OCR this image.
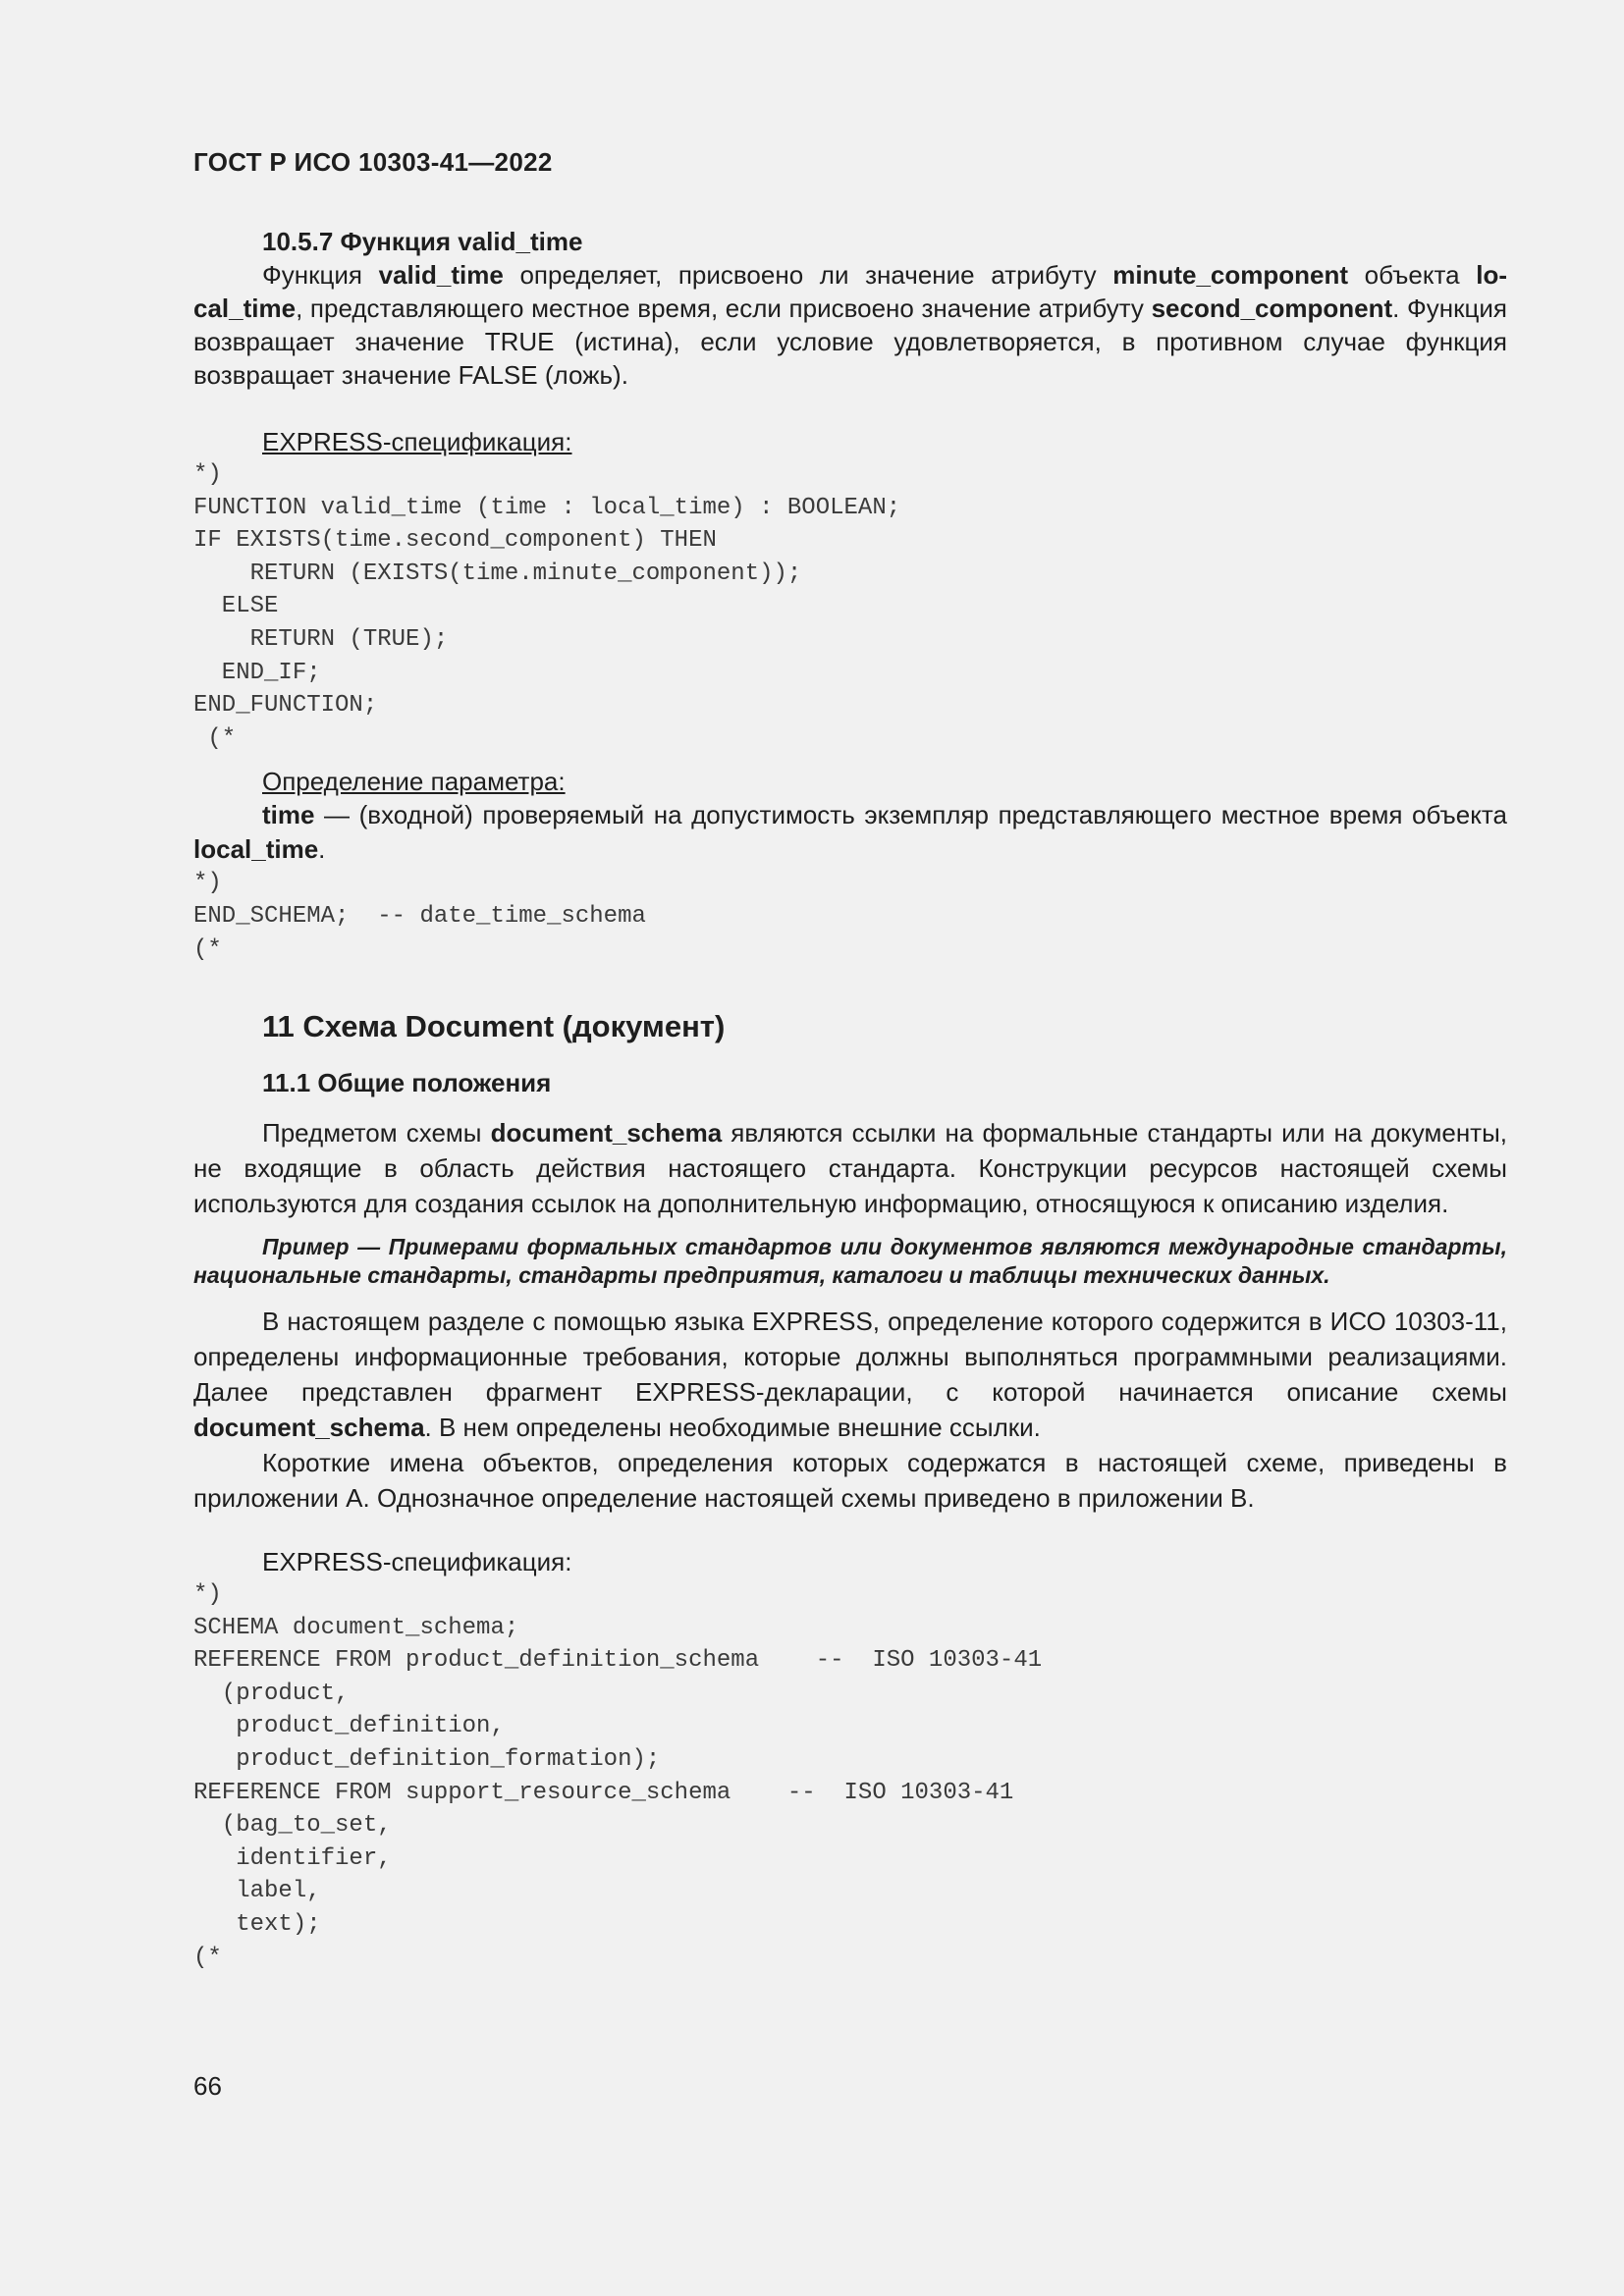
ГОСТ Р ИСО 10303-41—2022
10.5.7 Функция valid_time

Функция valid_time определяет, присвоено ли значение атрибуту minute_component объекта local_time, представляющего местное время, если присвоено значение атрибуту second_component. Функция возвращает значение TRUE (истина), если условие удовлетворяется, в противном случае функция возвращает значение FALSE (ложь).

EXPRESS-спецификация:
*)
FUNCTION valid_time (time : local_time) : BOOLEAN;
IF EXISTS(time.second_component) THEN
RETURN (EXISTS(time.minute_component));
ELSE
RETURN (TRUE);
END_IF;
END_FUNCTION;
(*
Определение параметра:

time — (входной) проверяемый на допустимость экземпляр представляющего местное время объекта local_time.

*)
END_SCHEMA;  -- date_time_schema
(*
11 Схема Document (документ)
11.1 Общие положения

Предметом схемы document_schema являются ссылки на формальные стандарты или на документы, не входящие в область действия настоящего стандарта. Конструкции ресурсов настоящей схемы используются для создания ссылок на дополнительную информацию, относящуюся к описанию изделия.

Пример — Примерами формальных стандартов или документов являются международные стандарты, национальные стандарты, стандарты предприятия, каталоги и таблицы технических данных.

В настоящем разделе с помощью языка EXPRESS, определение которого содержится в ИСО 10303-11, определены информационные требования, которые должны выполняться программными реализациями. Далее представлен фрагмент EXPRESS-декларации, с которой начинается описание схемы document_schema. В нем определены необходимые внешние ссылки.

Короткие имена объектов, определения которых содержатся в настоящей схеме, приведены в приложении А. Однозначное определение настоящей схемы приведено в приложении В.

EXPRESS-спецификация:
*)
SCHEMA document_schema;
REFERENCE FROM product_definition_schema    --  ISO 10303-41
(product,
product_definition,
product_definition_formation);
REFERENCE FROM support_resource_schema    --  ISO 10303-41
(bag_to_set,
identifier,
label,
text);
(*
66
